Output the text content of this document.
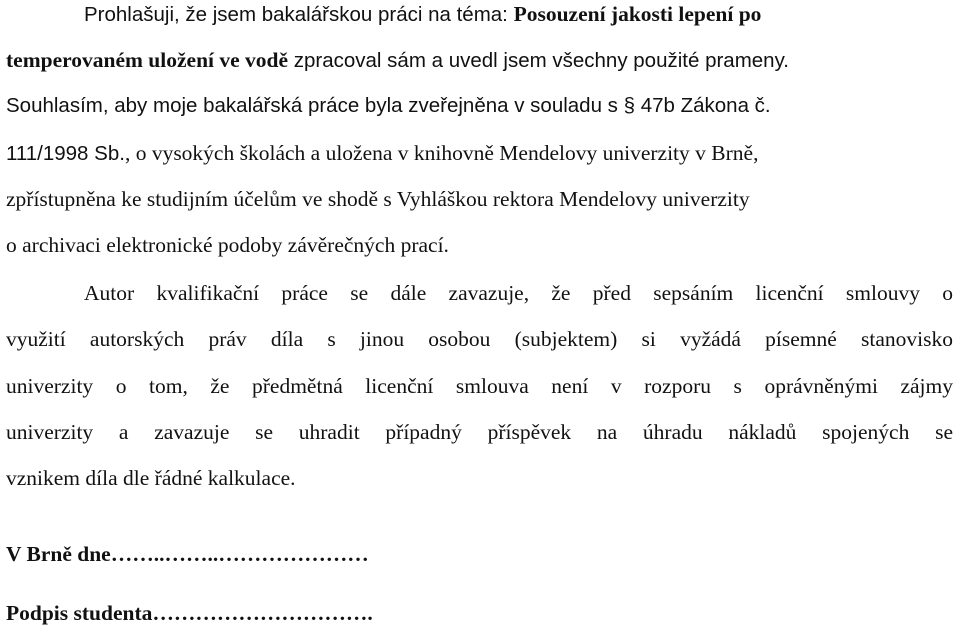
Prohlašuji, že jsem bakalářskou práci na téma: Posouzení jakosti lepení po
temperovaném uložení ve vodě zpracoval sám a uvedl jsem všechny použité prameny.
Souhlasím, aby moje bakalářská práce byla zveřejněna v souladu s § 47b Zákona č.
111/1998 Sb., o vysokých školách a uložena v knihovně Mendelovy univerzity v Brně,
zpřístupněna ke studijním účelům ve shodě s Vyhláškou rektora Mendelovy univerzity
o archivaci elektronické podoby závěrečných prací.
Autor kvalifikační práce se dále zavazuje, že před sepsáním licenční smlouvy o
využití autorských práv díla s jinou osobou (subjektem) si vyžádá písemné stanovisko
univerzity o tom, že předmětná licenční smlouva není v rozporu s oprávněnými zájmy
univerzity a zavazuje se uhradit případný příspěvek na úhradu nákladů spojených se
vznikem díla dle řádné kalkulace.
V Brně dne……..……..…………………
Podpis studenta………………………….
